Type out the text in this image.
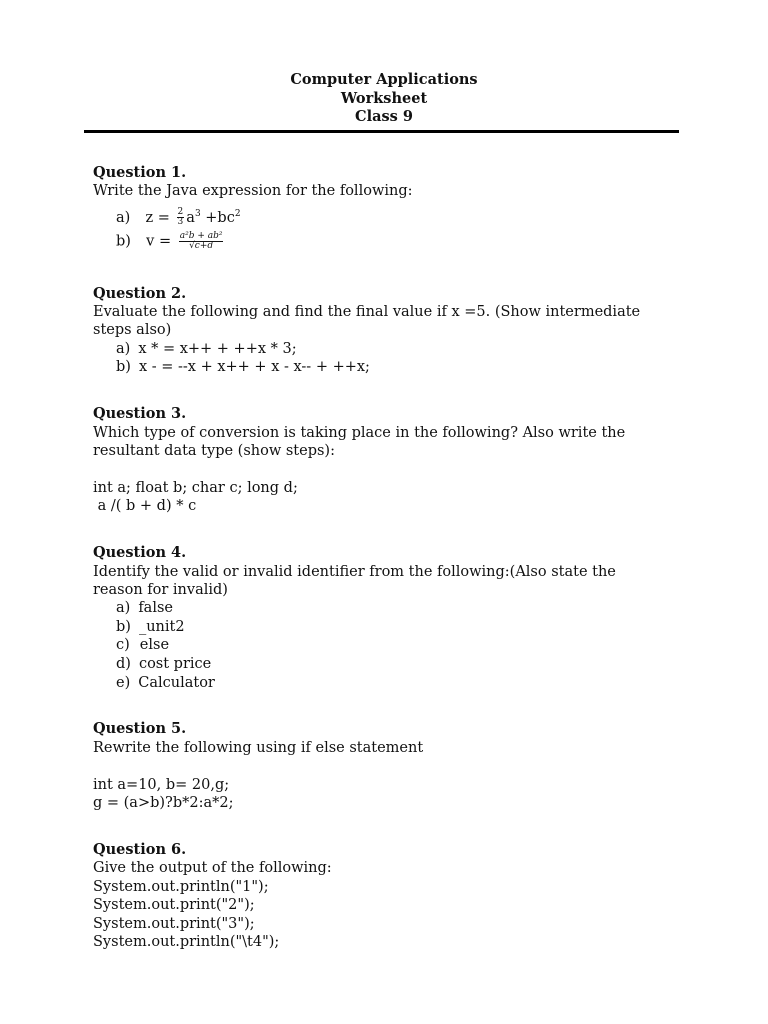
Computer Applications
Worksheet
Class 9
Question 1.
Write the Java expression for the following:
a) $z = \frac{2}{3} a^3 +bc^2$
b) $v = \frac{\text{a²b + ab²}}{√c+d}$
Question 2.
Evaluate the following and find the final value if x =5. (Show intermediate
steps also)
a) x * = x++ + ++x * 3;
b) x - = --x + x++ + x - x-- + ++x;
Question 3.
Which type of conversion is taking place in the following? Also write the
resultant data type (show steps):
int a; float b; char c; long d;
a /( b + d) * c
Question 4.
Identify the valid or invalid identifier from the following:(Also state the
reason for invalid)
a) false
b) _unit2
c) else
d) cost price
e) Calculator
Question 5.
Rewrite the following using if else statement
int a=10, b= 20,g;
g = (a>b)?b*2:a*2;
Question 6.
Give the output of the following:
System.out.println("1");
System.out.print("2");
System.out.print("3");
System.out.println("\t4");
